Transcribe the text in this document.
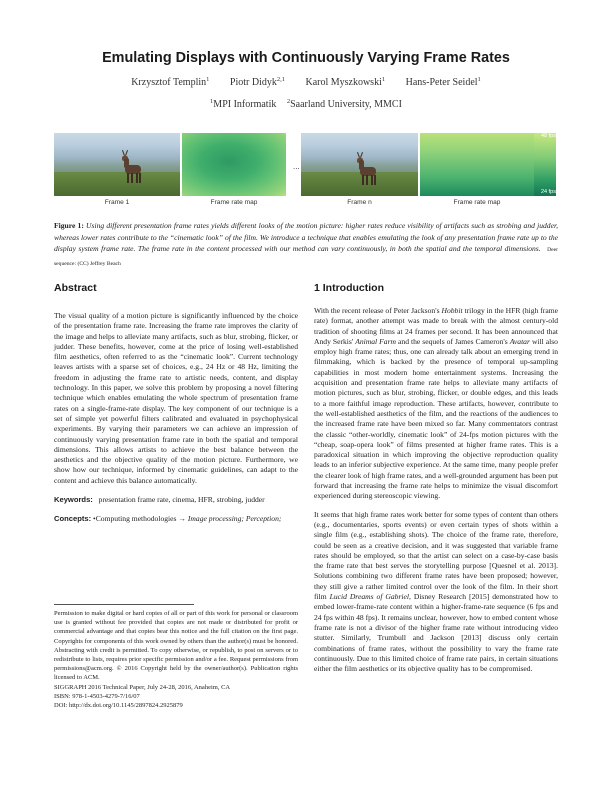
Emulating Displays with Continuously Varying Frame Rates
Krzysztof Templin$^1$ Piotr Didyk$^{2,1}$ Karol Myszkowski$^1$ Hans-Peter Seidel$^1$
$^1$MPI Informatik $^2$Saarland University, MMCI
...
48 fps
24 fps
Frame 1	Frame rate map	Frame n	Frame rate map
Figure 1: Using different presentation frame rates yields different looks of the motion picture: higher rates reduce visibility of artifacts such as strobing and judder, whereas lower rates contribute to the “cinematic look” of the film. We introduce a technique that enables emulating the look of any presentation frame rate up to the display system frame rate. The frame rate in the content processed with our method can vary continuously, in both the spatial and the temporal dimensions. Deer sequence: (CC) Jeffrey Beach
Abstract

The visual quality of a motion picture is significantly influenced by the choice of the presentation frame rate. Increasing the frame rate improves the clarity of the image and helps to alleviate many artifacts, such as blur, strobing, flicker, or judder. These benefits, however, come at the price of losing well-established film aesthetics, often referred to as the “cinematic look”. Current technology leaves artists with a sparse set of choices, e.g., 24 Hz or 48 Hz, limiting the freedom in adjusting the frame rate to artistic needs, content, and display technology. In this paper, we solve this problem by proposing a novel filtering technique which enables emulating the whole spectrum of presentation frame rates on a single-frame-rate display. The key component of our technique is a set of simple yet powerful filters calibrated and evaluated in psychophysical experiments. By varying their parameters we can achieve an impression of continuously varying presentation frame rate in both the spatial and temporal dimensions. This allows artists to achieve the best balance between the aesthetics and the objective quality of the motion picture. Furthermore, we show how our technique, informed by cinematic guidelines, can adapt to the content and achieve this balance automatically.

Keywords: presentation frame rate, cinema, HFR, strobing, judder

Concepts: •Computing methodologies → Image processing; Perception;

Permission to make digital or hard copies of all or part of this work for personal or classroom use is granted without fee provided that copies are not made or distributed for profit or commercial advantage and that copies bear this notice and the full citation on the first page. Copyrights for components of this work owned by others than the author(s) must be honored. Abstracting with credit is permitted. To copy otherwise, or republish, to post on servers or to redistribute to lists, requires prior specific permission and/or a fee. Request permissions from permissions@acm.org. © 2016 Copyright held by the owner/author(s). Publication rights licensed to ACM.
SIGGRAPH 2016 Technical Paper, July 24-28, 2016, Anaheim, CA
ISBN: 978-1-4503-4279-7/16/07
DOI: http://dx.doi.org/10.1145/2897824.2925879
1 Introduction

With the recent release of Peter Jackson's Hobbit trilogy in the HFR (high frame rate) format, another attempt was made to break with the almost century-old tradition of shooting films at 24 frames per second. It has been announced that Andy Serkis' Animal Farm and the sequels of James Cameron's Avatar will also employ high frame rates; thus, one can already talk about an emerging trend in filmmaking, which is backed by the presence of temporal up-sampling capabilities in most modern home entertainment systems. Increasing the acquisition and presentation frame rate helps to alleviate many artifacts of motion pictures, such as blur, strobing, flicker, or double edges, and this leads to a more faithful image reproduction. These artifacts, however, contribute to the well-established aesthetics of the film, and the reactions of the audiences to the increased frame rate have been mixed so far. Many commentators contrast the classic “other-worldly, cinematic look” of 24-fps motion pictures with the “cheap, soap-opera look” of films presented at higher frame rates. This is a paradoxical situation in which improving the objective reproduction quality leads to an inferior subjective experience. At the same time, many people prefer the clearer look of high frame rates, and a well-grounded argument has been put forward that increasing the frame rate helps to minimize the visual discomfort experienced during stereoscopic viewing.

It seems that high frame rates work better for some types of content than others (e.g., documentaries, sports events) or even certain types of shots within a single film (e.g., establishing shots). The choice of the frame rate, therefore, could be seen as a creative decision, and it was suggested that variable frame rates should be employed, so that the artist can select on a case-by-case basis the frame rate that best serves the storytelling purpose [Quesnel et al. 2013]. Solutions combining two different frame rates have been proposed; however, they still give a rather limited control over the look of the film. In their short film Lucid Dreams of Gabriel, Disney Research [2015] demonstrated how to embed lower-frame-rate content within a higher-frame-rate sequence (6 fps and 24 fps within 48 fps). It remains unclear, however, how to embed content whose frame rate is not a divisor of the higher frame rate without introducing video stutter. Similarly, Trumbull and Jackson [2013] discuss only certain combinations of frame rates, without the possibility to vary the frame rate continuously. Due to this limited choice of frame rate pairs, in certain situations either the film aesthetics or its objective quality has to be compromised.
